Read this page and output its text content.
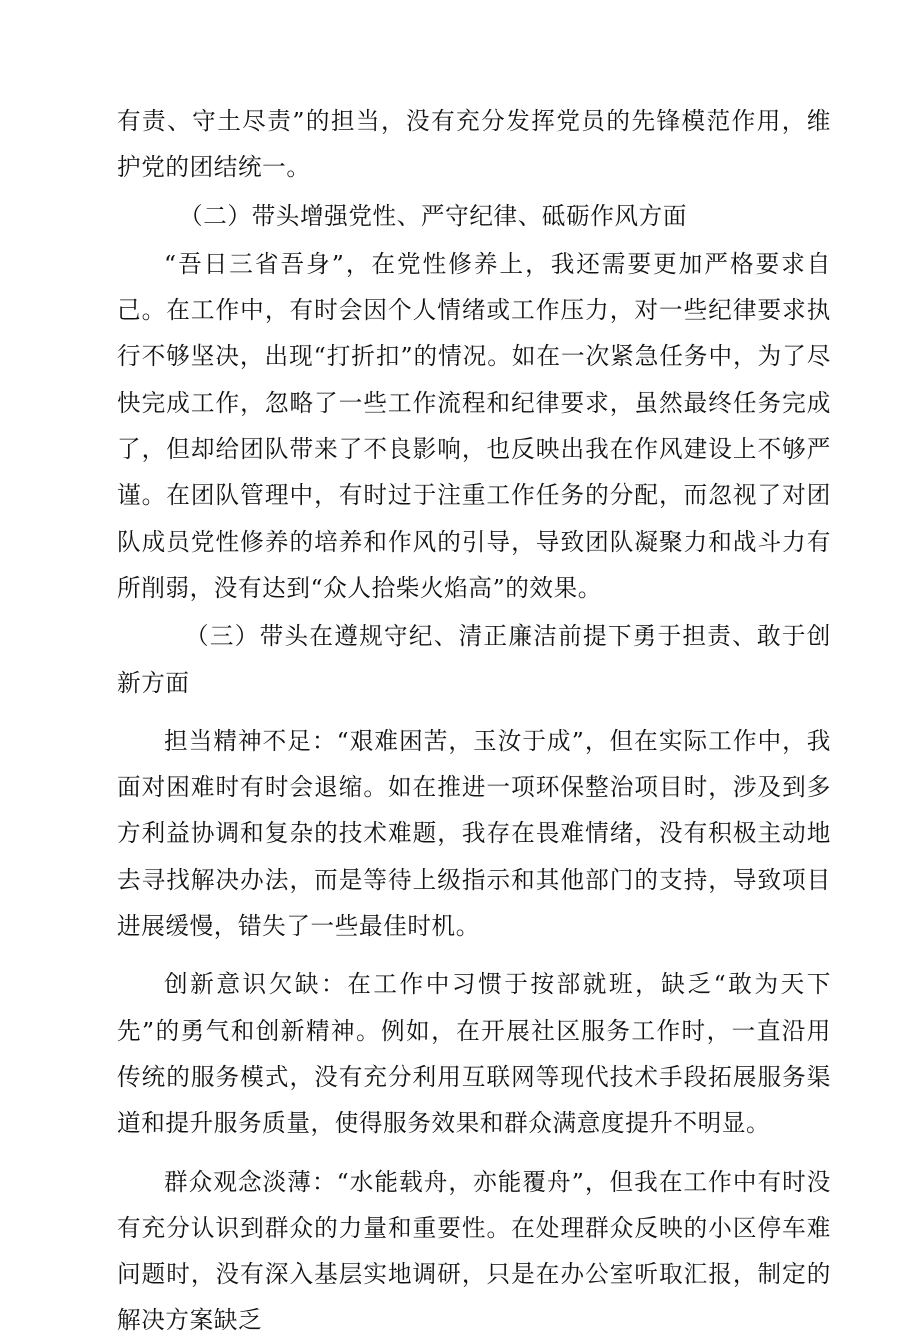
有责、守土尽责”的担当，没有充分发挥党员的先锋模范作用，维护党的团结统一。

（二）带头增强党性、严守纪律、砥砺作风方面

“吾日三省吾身”，在党性修养上，我还需要更加严格要求自己。在工作中，有时会因个人情绪或工作压力，对一些纪律要求执行不够坚决，出现“打折扣”的情况。如在一次紧急任务中，为了尽快完成工作，忽略了一些工作流程和纪律要求，虽然最终任务完成了，但却给团队带来了不良影响，也反映出我在作风建设上不够严谨。在团队管理中，有时过于注重工作任务的分配，而忽视了对团队成员党性修养的培养和作风的引导，导致团队凝聚力和战斗力有所削弱，没有达到“众人拾柴火焰高”的效果。

（三）带头在遵规守纪、清正廉洁前提下勇于担责、敢于创新方面

担当精神不足：“艰难困苦，玉汝于成”，但在实际工作中，我面对困难时有时会退缩。如在推进一项环保整治项目时，涉及到多方利益协调和复杂的技术难题，我存在畏难情绪，没有积极主动地去寻找解决办法，而是等待上级指示和其他部门的支持，导致项目进展缓慢，错失了一些最佳时机。

创新意识欠缺：在工作中习惯于按部就班，缺乏“敢为天下先”的勇气和创新精神。例如，在开展社区服务工作时，一直沿用传统的服务模式，没有充分利用互联网等现代技术手段拓展服务渠道和提升服务质量，使得服务效果和群众满意度提升不明显。

群众观念淡薄：“水能载舟，亦能覆舟”，但我在工作中有时没有充分认识到群众的力量和重要性。在处理群众反映的小区停车难问题时，没有深入基层实地调研，只是在办公室听取汇报，制定的解决方案缺乏
